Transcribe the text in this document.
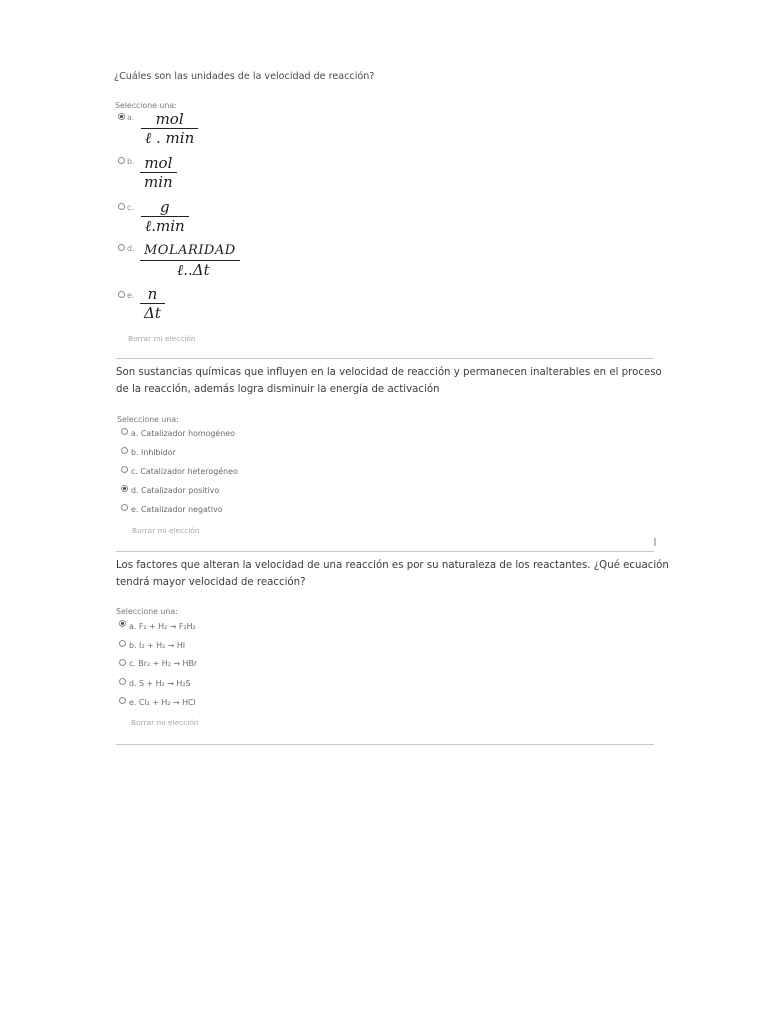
¿Cuáles son las unidades de la velocidad de reacción?
Seleccione una:
a. mol
ℓ . min
b. mol
min
c. g
ℓ.min
d. MOLARIDAD
ℓ..Δt
e. n
Δt
Borrar mi elección
Son sustancias químicas que influyen en la velocidad de reacción y permanecen inalterables en el proceso
de la reacción, además logra disminuir la energía de activación
Seleccione una:
a. Catalizador homogéneo
b. Inhibidor
c. Catalizador heterogéneo
d. Catalizador positivo
e. Catalizador negativo
Borrar mi elección
Los factores que alteran la velocidad de una reacción es por su naturaleza de los reactantes. ¿Qué ecuación
tendrá mayor velocidad de reacción?
Seleccione una:
a. F₂ + H₂ → F₂H₂
b. I₂ + H₂ → HI
c. Br₂ + H₂ → HBr
d. S + H₂ → H₂S
e. Cl₂ + H₂ → HCl
Borrar mi elección
